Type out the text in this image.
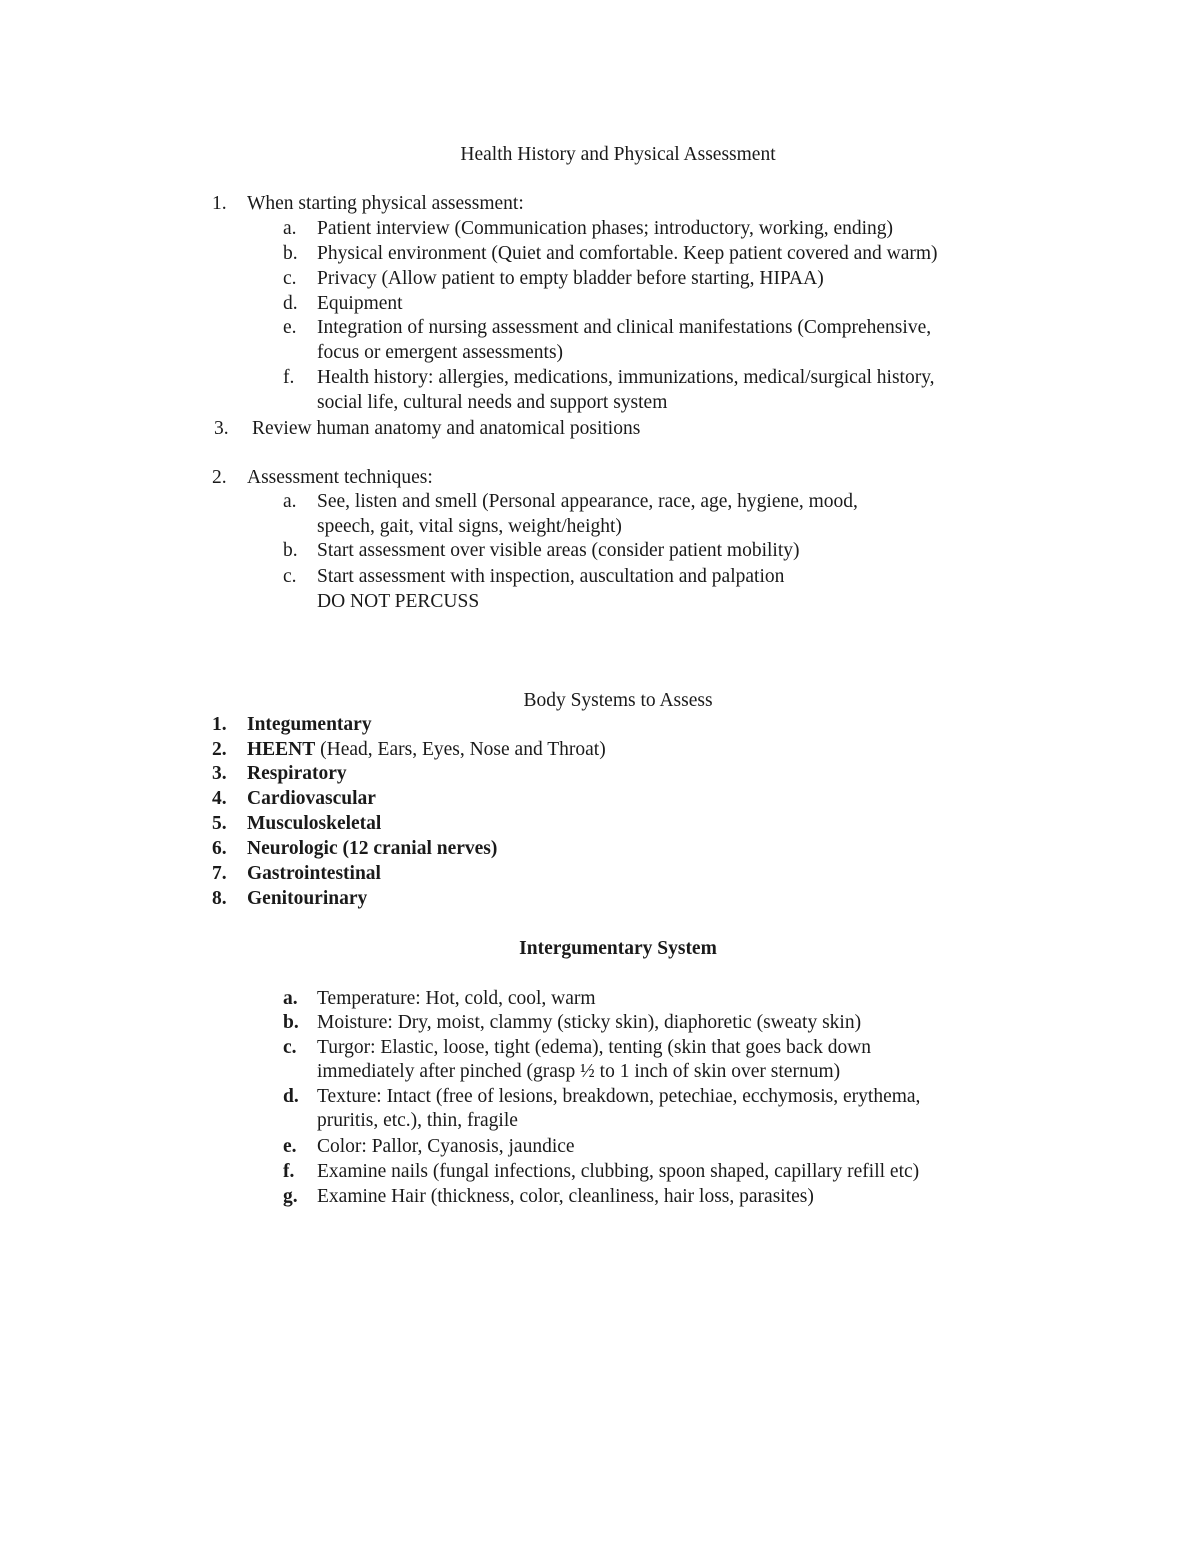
Health History and Physical Assessment
1. When starting physical assessment:
a. Patient interview (Communication phases; introductory, working, ending)
b. Physical environment (Quiet and comfortable. Keep patient covered and warm)
c. Privacy (Allow patient to empty bladder before starting, HIPAA)
d. Equipment
e. Integration of nursing assessment and clinical manifestations (Comprehensive,
focus or emergent assessments)
f. Health history: allergies, medications, immunizations, medical/surgical history,
social life, cultural needs and support system
3. Review human anatomy and anatomical positions
2. Assessment techniques:
a. See, listen and smell (Personal appearance, race, age, hygiene, mood,
speech, gait, vital signs, weight/height)
b. Start assessment over visible areas (consider patient mobility)
c. Start assessment with inspection, auscultation and palpation
DO NOT PERCUSS
Body Systems to Assess
1. Integumentary
2. HEENT (Head, Ears, Eyes, Nose and Throat)
3. Respiratory
4. Cardiovascular
5. Musculoskeletal
6. Neurologic (12 cranial nerves)
7. Gastrointestinal
8. Genitourinary
Intergumentary System
a. Temperature: Hot, cold, cool, warm
b. Moisture: Dry, moist, clammy (sticky skin), diaphoretic (sweaty skin)
c. Turgor: Elastic, loose, tight (edema), tenting (skin that goes back down
immediately after pinched (grasp ½ to 1 inch of skin over sternum)
d. Texture: Intact (free of lesions, breakdown, petechiae, ecchymosis, erythema,
pruritis, etc.), thin, fragile
e. Color: Pallor, Cyanosis, jaundice
f. Examine nails (fungal infections, clubbing, spoon shaped, capillary refill etc)
g. Examine Hair (thickness, color, cleanliness, hair loss, parasites)
